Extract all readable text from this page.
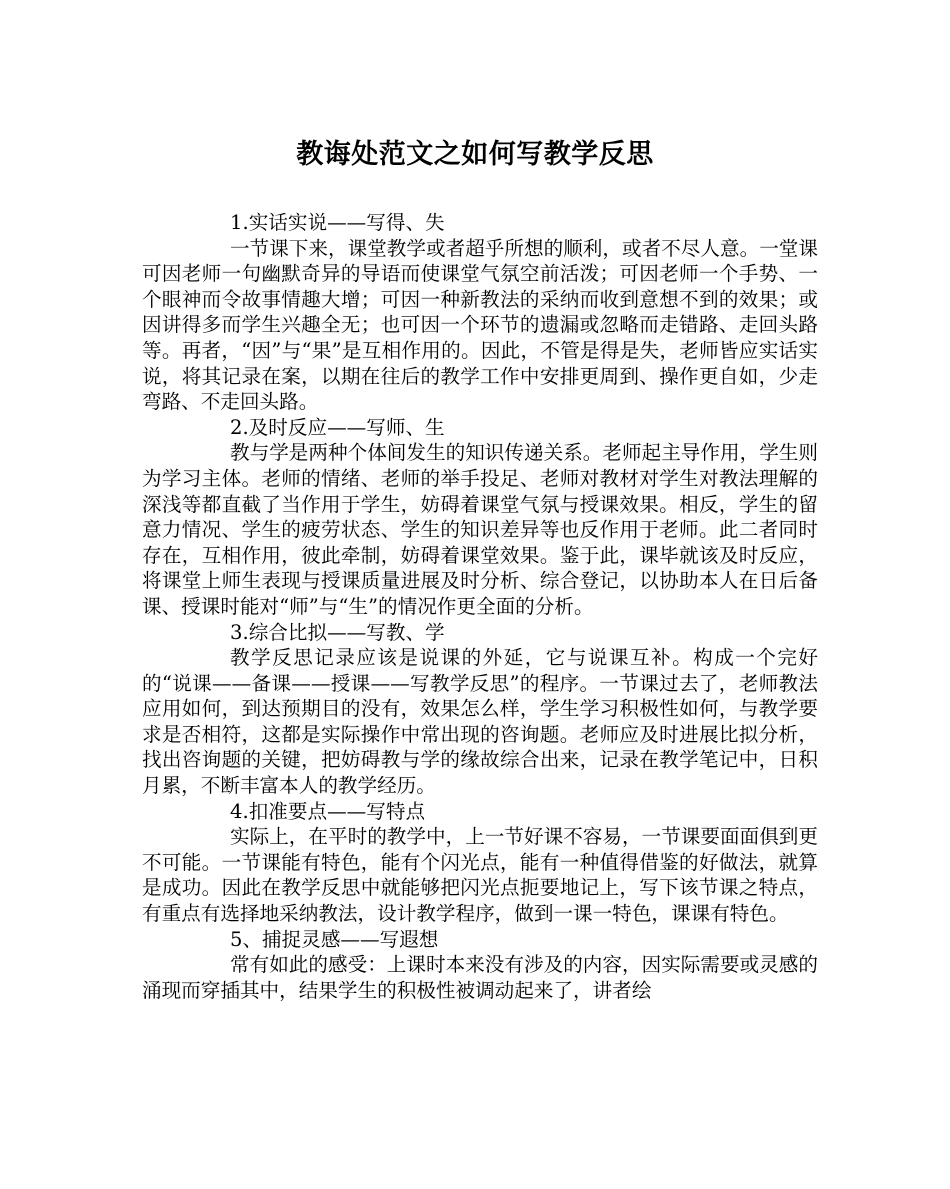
教诲处范文之如何写教学反思

1.实话实说——写得、失

一节课下来，课堂教学或者超乎所想的顺利，或者不尽人意。一堂课可因老师一句幽默奇异的导语而使课堂气氛空前活泼；可因老师一个手势、一个眼神而令故事情趣大增；可因一种新教法的采纳而收到意想不到的效果；或因讲得多而学生兴趣全无；也可因一个环节的遗漏或忽略而走错路、走回头路等。再者，“因”与“果”是互相作用的。因此，不管是得是失，老师皆应实话实说，将其记录在案，以期在往后的教学工作中安排更周到、操作更自如，少走弯路、不走回头路。

2.及时反应——写师、生

教与学是两种个体间发生的知识传递关系。老师起主导作用，学生则为学习主体。老师的情绪、老师的举手投足、老师对教材对学生对教法理解的深浅等都直截了当作用于学生，妨碍着课堂气氛与授课效果。相反，学生的留意力情况、学生的疲劳状态、学生的知识差异等也反作用于老师。此二者同时存在，互相作用，彼此牵制，妨碍着课堂效果。鉴于此，课毕就该及时反应，将课堂上师生表现与授课质量进展及时分析、综合登记，以协助本人在日后备课、授课时能对“师”与“生”的情况作更全面的分析。

3.综合比拟——写教、学

教学反思记录应该是说课的外延，它与说课互补。构成一个完好的“说课——备课——授课——写教学反思”的程序。一节课过去了，老师教法应用如何，到达预期目的没有，效果怎么样，学生学习积极性如何，与教学要求是否相符，这都是实际操作中常出现的咨询题。老师应及时进展比拟分析，找出咨询题的关键，把妨碍教与学的缘故综合出来，记录在教学笔记中，日积月累，不断丰富本人的教学经历。

4.扣准要点——写特点

实际上，在平时的教学中，上一节好课不容易，一节课要面面俱到更不可能。一节课能有特色，能有个闪光点，能有一种值得借鉴的好做法，就算是成功。因此在教学反思中就能够把闪光点扼要地记上，写下该节课之特点，有重点有选择地采纳教法，设计教学程序，做到一课一特色，课课有特色。

5、捕捉灵感——写遐想

常有如此的感受：上课时本来没有涉及的内容，因实际需要或灵感的涌现而穿插其中，结果学生的积极性被调动起来了，讲者绘
